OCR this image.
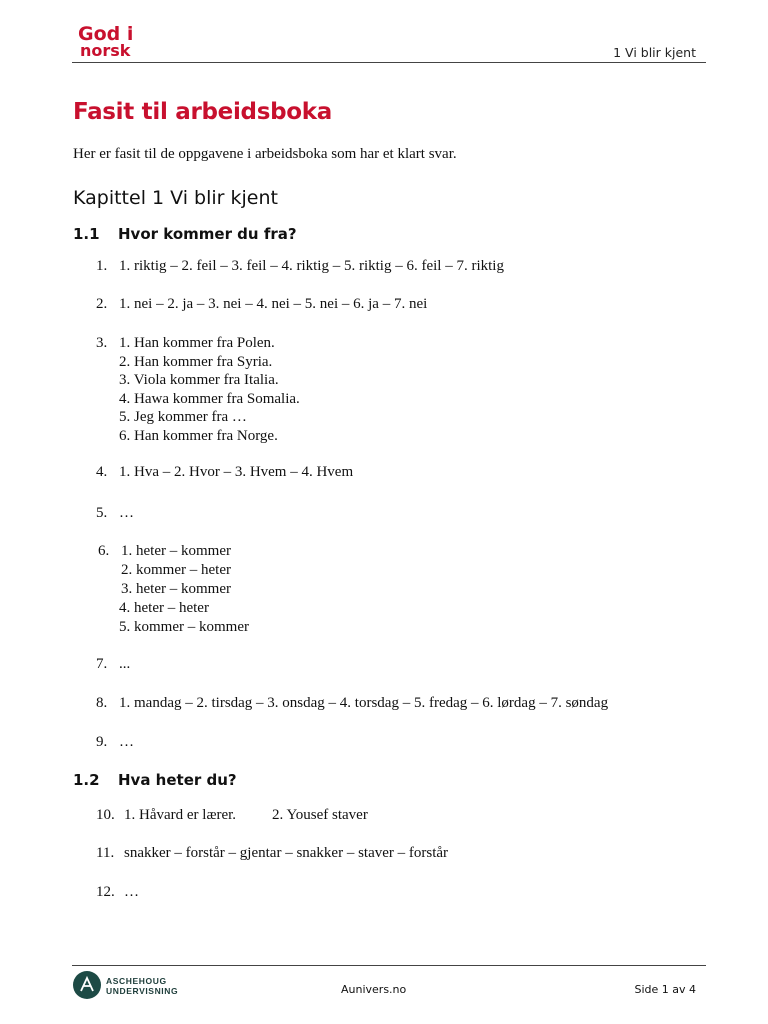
God i
norsk	1 Vi blir kjent
Fasit til arbeidsboka
Her er fasit til de oppgavene i arbeidsboka som har et klart svar.
Kapittel 1 Vi blir kjent
1.1 Hvor kommer du fra?
1. 1. riktig – 2. feil – 3. feil – 4. riktig – 5. riktig – 6. feil – 7. riktig
2. 1. nei – 2. ja – 3. nei – 4. nei – 5. nei – 6. ja – 7. nei
3. 1. Han kommer fra Polen.
2. Han kommer fra Syria.
3. Viola kommer fra Italia.
4. Hawa kommer fra Somalia.
5. Jeg kommer fra …
6. Han kommer fra Norge.
4. 1. Hva – 2. Hvor – 3. Hvem – 4. Hvem
5. …
6. 1. heter – kommer
2. kommer – heter
3. heter – kommer
4. heter – heter
5. kommer – kommer
7. ...
8. 1. mandag – 2. tirsdag – 3. onsdag – 4. torsdag – 5. fredag – 6. lørdag – 7. søndag
9. …
1.2 Hva heter du?
10. 1. Håvard er lærer. 2. Yousef staver
11. snakker – forstår – gjentar – snakker – staver – forstår
12. …
ASCHEHOUG
UNDERVISNING	Aunivers.no	Side 1 av 4
